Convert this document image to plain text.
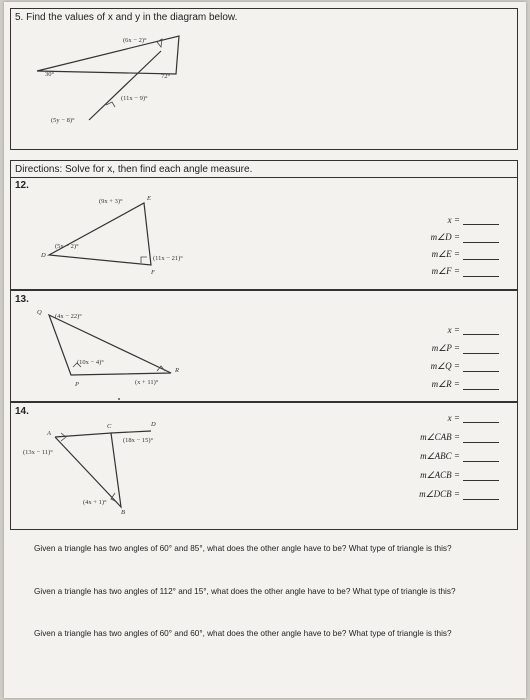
5. Find the values of x and y in the diagram below.
(6x − 2)°
30°	72°
(11x − 9)°
(5y − 8)°
Directions: Solve for x, then find each angle measure.
12.
E
D
F
(9x + 3)°
(5x − 2)°
(11x − 21)°
x =
m∠D =
m∠E =
m∠F =
13.
Q
P
R
(4x − 22)°
(10x − 4)°
(x + 11)°
x =
m∠P =
m∠Q =
m∠R =
14.
A
C	D
B
(13x − 11)°
(18x − 15)°
(4x + 1)°
x =
m∠CAB =
m∠ABC =
m∠ACB =
m∠DCB =
Given a triangle has two angles of 60° and 85°, what does the other angle have to be? What type of triangle is this?
Given a triangle has two angles of 112° and 15°, what does the other angle have to be? What type of triangle is this?
Given a triangle has two angles of 60° and 60°, what does the other angle have to be? What type of triangle is this?
